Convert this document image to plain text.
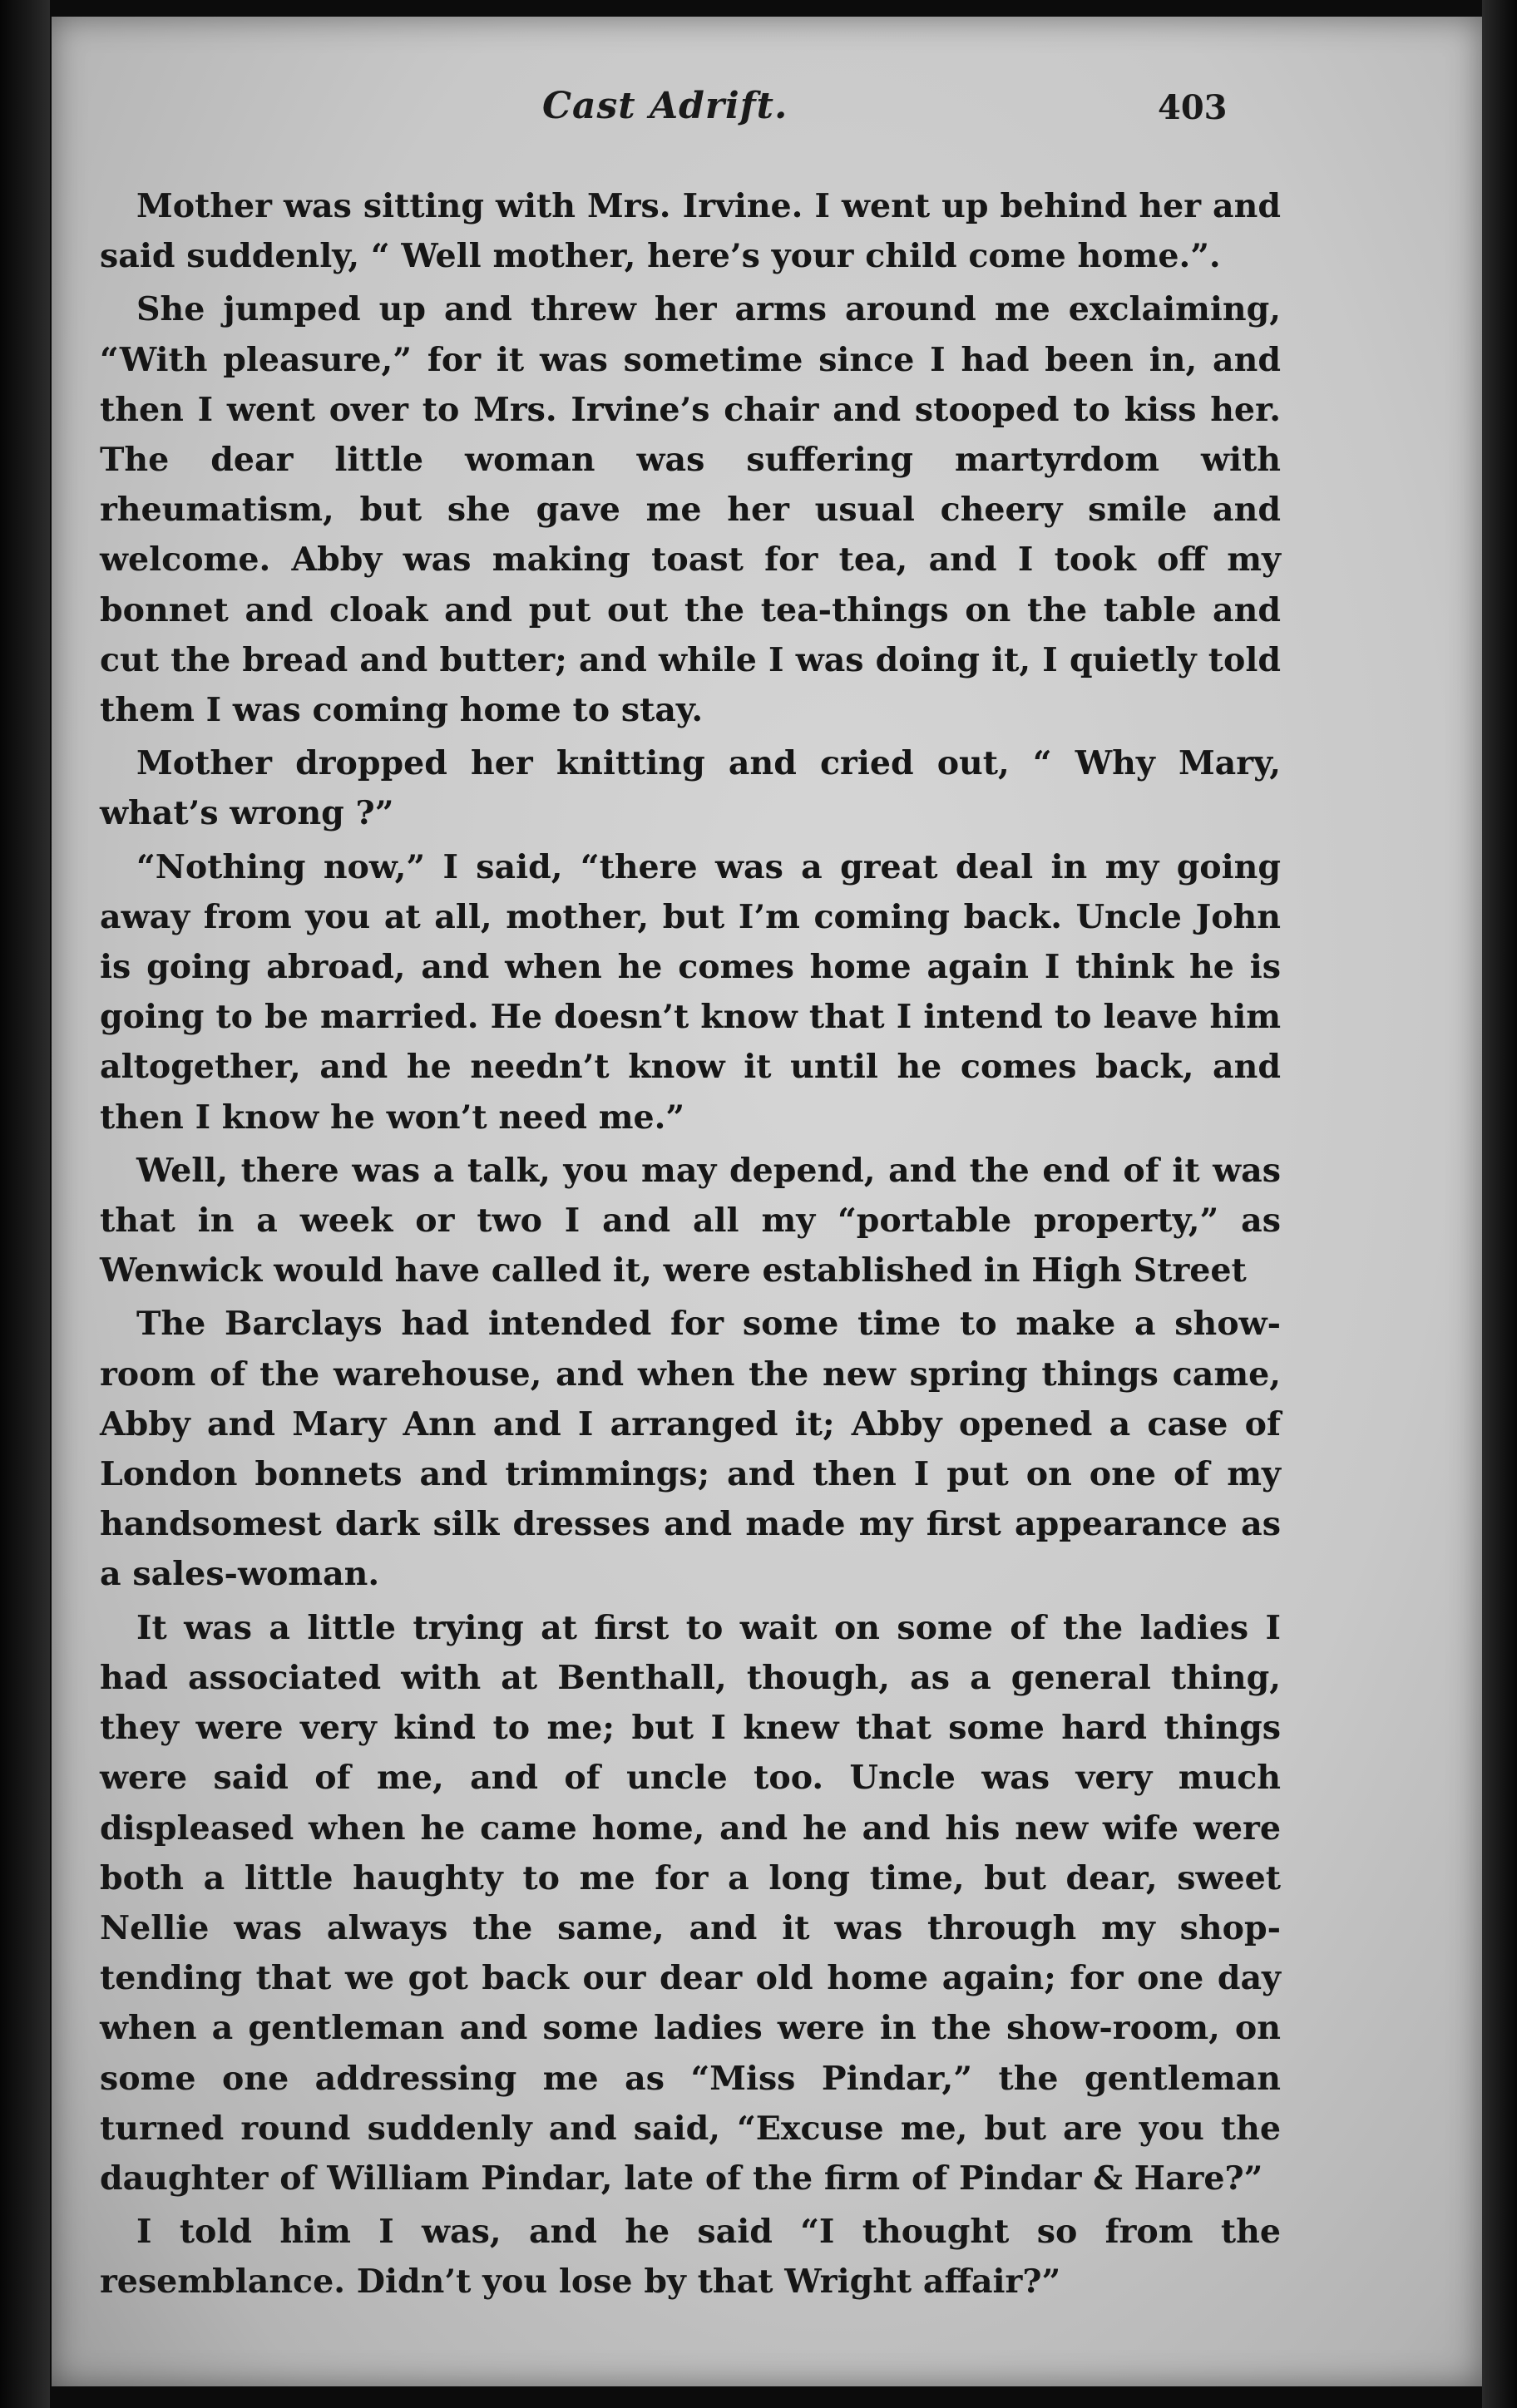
Cast Adrift.	403

Mother was sitting with Mrs. Irvine. I went up behind her and said suddenly, “ Well mother, here’s your child come home.”.

She jumped up and threw her arms around me exclaiming, “With pleasure,” for it was sometime since I had been in, and then I went over to Mrs. Irvine’s chair and stooped to kiss her. The dear little woman was suffering martyrdom with rheumatism, but she gave me her usual cheery smile and welcome. Abby was making toast for tea, and I took off my bonnet and cloak and put out the tea-things on the table and cut the bread and butter; and while I was doing it, I quietly told them I was coming home to stay.

Mother dropped her knitting and cried out, “ Why Mary, what’s wrong ?”

“Nothing now,” I said, “there was a great deal in my going away from you at all, mother, but I’m coming back. Uncle John is going abroad, and when he comes home again I think he is going to be married. He doesn’t know that I intend to leave him altogether, and he needn’t know it until he comes back, and then I know he won’t need me.”

Well, there was a talk, you may depend, and the end of it was that in a week or two I and all my “portable property,” as Wenwick would have called it, were established in High Street

The Barclays had intended for some time to make a show-room of the warehouse, and when the new spring things came, Abby and Mary Ann and I arranged it; Abby opened a case of London bonnets and trimmings; and then I put on one of my handsomest dark silk dresses and made my first appearance as a sales-woman.

It was a little trying at first to wait on some of the ladies I had associated with at Benthall, though, as a general thing, they were very kind to me; but I knew that some hard things were said of me, and of uncle too. Uncle was very much displeased when he came home, and he and his new wife were both a little haughty to me for a long time, but dear, sweet Nellie was always the same, and it was through my shop-tending that we got back our dear old home again; for one day when a gentleman and some ladies were in the show-room, on some one addressing me as “Miss Pindar,” the gentleman turned round suddenly and said, “Excuse me, but are you the daughter of William Pindar, late of the firm of Pindar & Hare?”

I told him I was, and he said “I thought so from the resemblance. Didn’t you lose by that Wright affair?”
